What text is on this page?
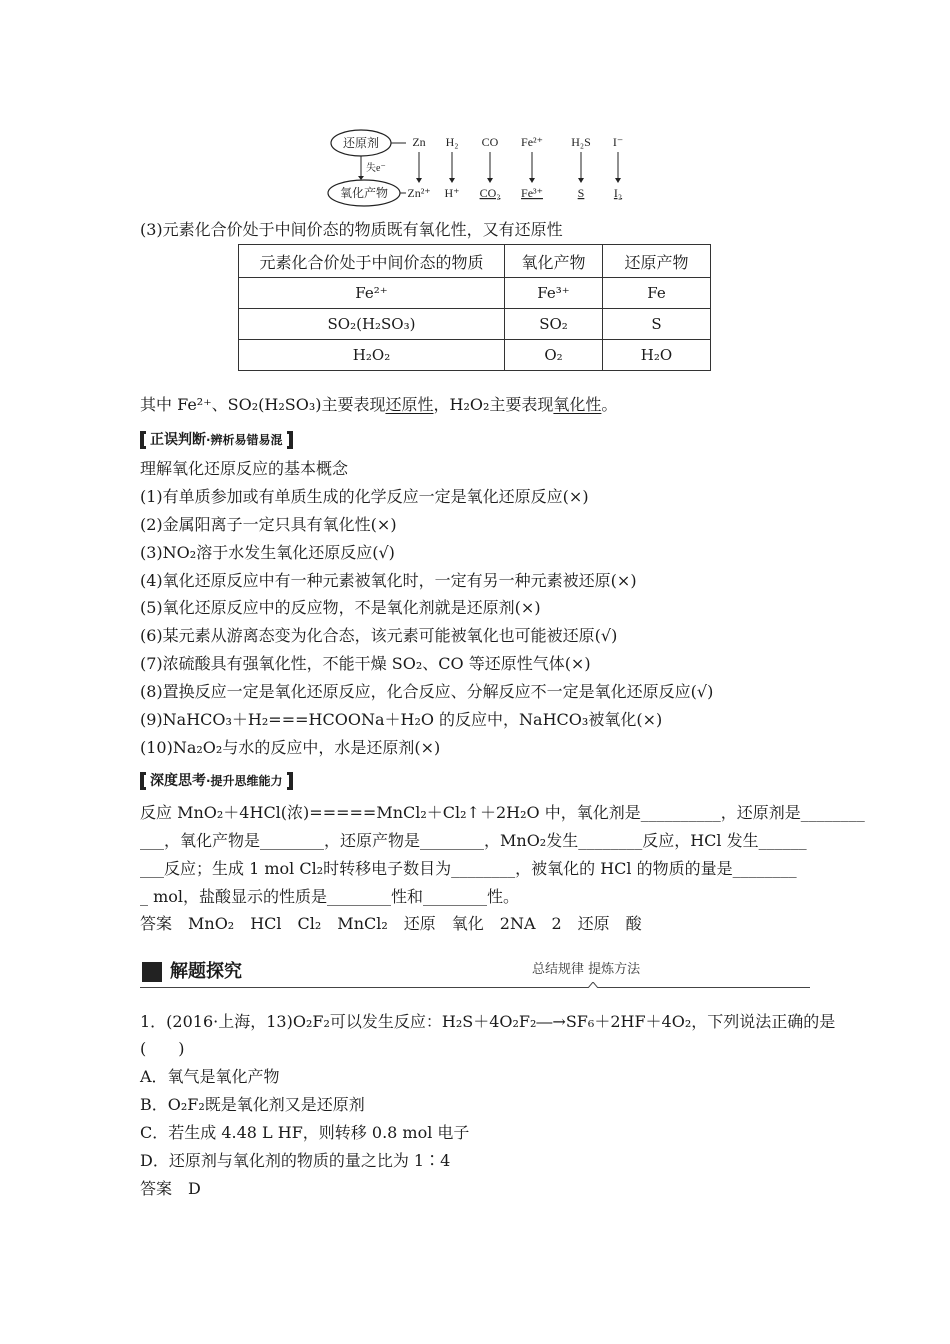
还原剂
氧化产物
失e⁻
Zn
Zn²⁺
H₂
H⁺
CO
CO₂
Fe²⁺
Fe³⁺
H₂S
S
I⁻
I₂
(3)元素化合价处于中间价态的物质既有氧化性，又有还原性
元素化合价处于中间价态的物质	氧化产物	还原产物
Fe²⁺	Fe³⁺	Fe
SO₂(H₂SO₃)	SO₂	S
H₂O₂	O₂	H₂O
其中 Fe²⁺、SO₂(H₂SO₃)主要表现还原性，H₂O₂主要表现氧化性。
正误判断·辨析易错易混
理解氧化还原反应的基本概念
(1)有单质参加或有单质生成的化学反应一定是氧化还原反应(×)
(2)金属阳离子一定只具有氧化性(×)
(3)NO₂溶于水发生氧化还原反应(√)
(4)氧化还原反应中有一种元素被氧化时，一定有另一种元素被还原(×)
(5)氧化还原反应中的反应物，不是氧化剂就是还原剂(×)
(6)某元素从游离态变为化合态，该元素可能被氧化也可能被还原(√)
(7)浓硫酸具有强氧化性，不能干燥 SO₂、CO 等还原性气体(×)
(8)置换反应一定是氧化还原反应，化合反应、分解反应不一定是氧化还原反应(√)
(9)NaHCO₃＋H₂===HCOONa＋H₂O 的反应中，NaHCO₃被氧化(×)
(10)Na₂O₂与水的反应中，水是还原剂(×)
深度思考·提升思维能力
反应 MnO₂＋4HCl(浓)=====MnCl₂＋Cl₂↑＋2H₂O 中，氧化剂是__________，还原剂是________
___，氧化产物是________，还原产物是________，MnO₂发生________反应，HCl 发生______
___反应；生成 1 mol Cl₂时转移电子数目为________，被氧化的 HCl 的物质的量是________
_ mol，盐酸显示的性质是________性和________性。
答案　MnO₂　HCl　Cl₂　MnCl₂　还原　氧化　2NA　2　还原　酸
解题探究	总结规律 提炼方法
1．(2016·上海，13)O₂F₂可以发生反应：H₂S＋4O₂F₂―→SF₆＋2HF＋4O₂，下列说法正确的是
(　　)
A．氧气是氧化产物
B．O₂F₂既是氧化剂又是还原剂
C．若生成 4.48 L HF，则转移 0.8 mol 电子
D．还原剂与氧化剂的物质的量之比为 1∶4
答案　D
